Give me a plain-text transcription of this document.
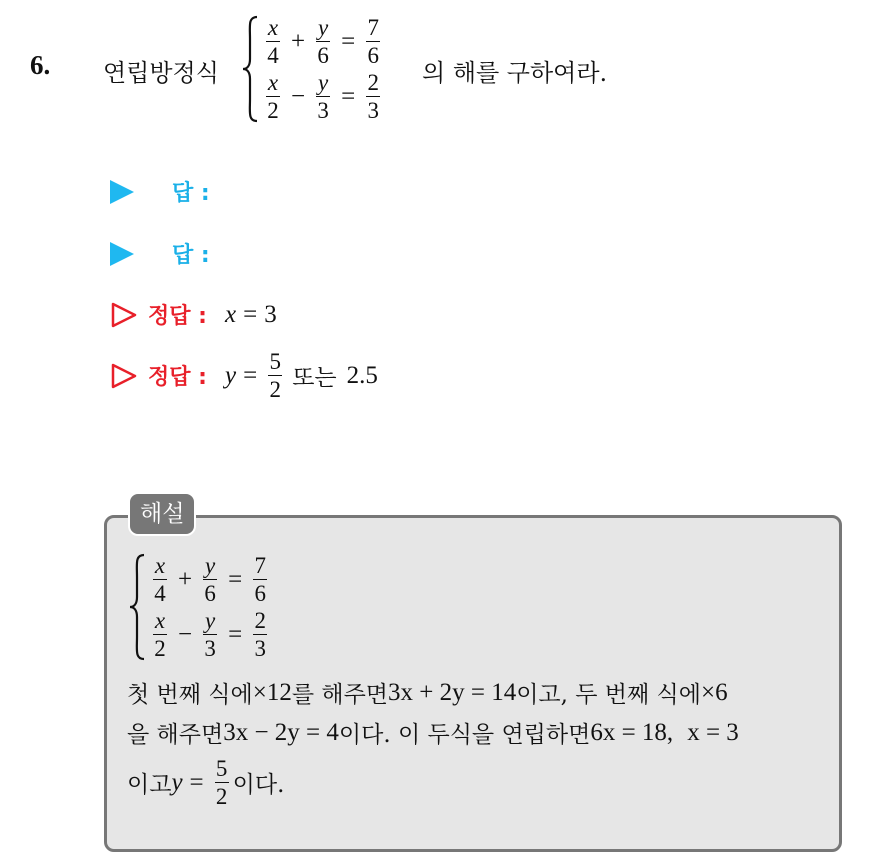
6. 연립방정식
$\frac{x}{4} + \frac{y}{6} = \frac{7}{6}$
$\frac{x}{2} - \frac{y}{3} = \frac{2}{3}$ 의 해를 구하여라.
답 :
답 :
정답 : x = 3
정답 : $y = \frac{5}{2}$ 또는 2.5
해설
$\frac{x}{4} + \frac{y}{6} = \frac{7}{6}$
$\frac{x}{2} - \frac{y}{3} = \frac{2}{3}$
첫 번째 식에 ×12 를 해주면 3x + 2y = 14 이고, 두 번째 식에 ×6
을 해주면 3x − 2y = 4 이다. 이 두식을 연립하면 6x = 18, x = 3
이고 $y = \frac{5}{2}$ 이다.
